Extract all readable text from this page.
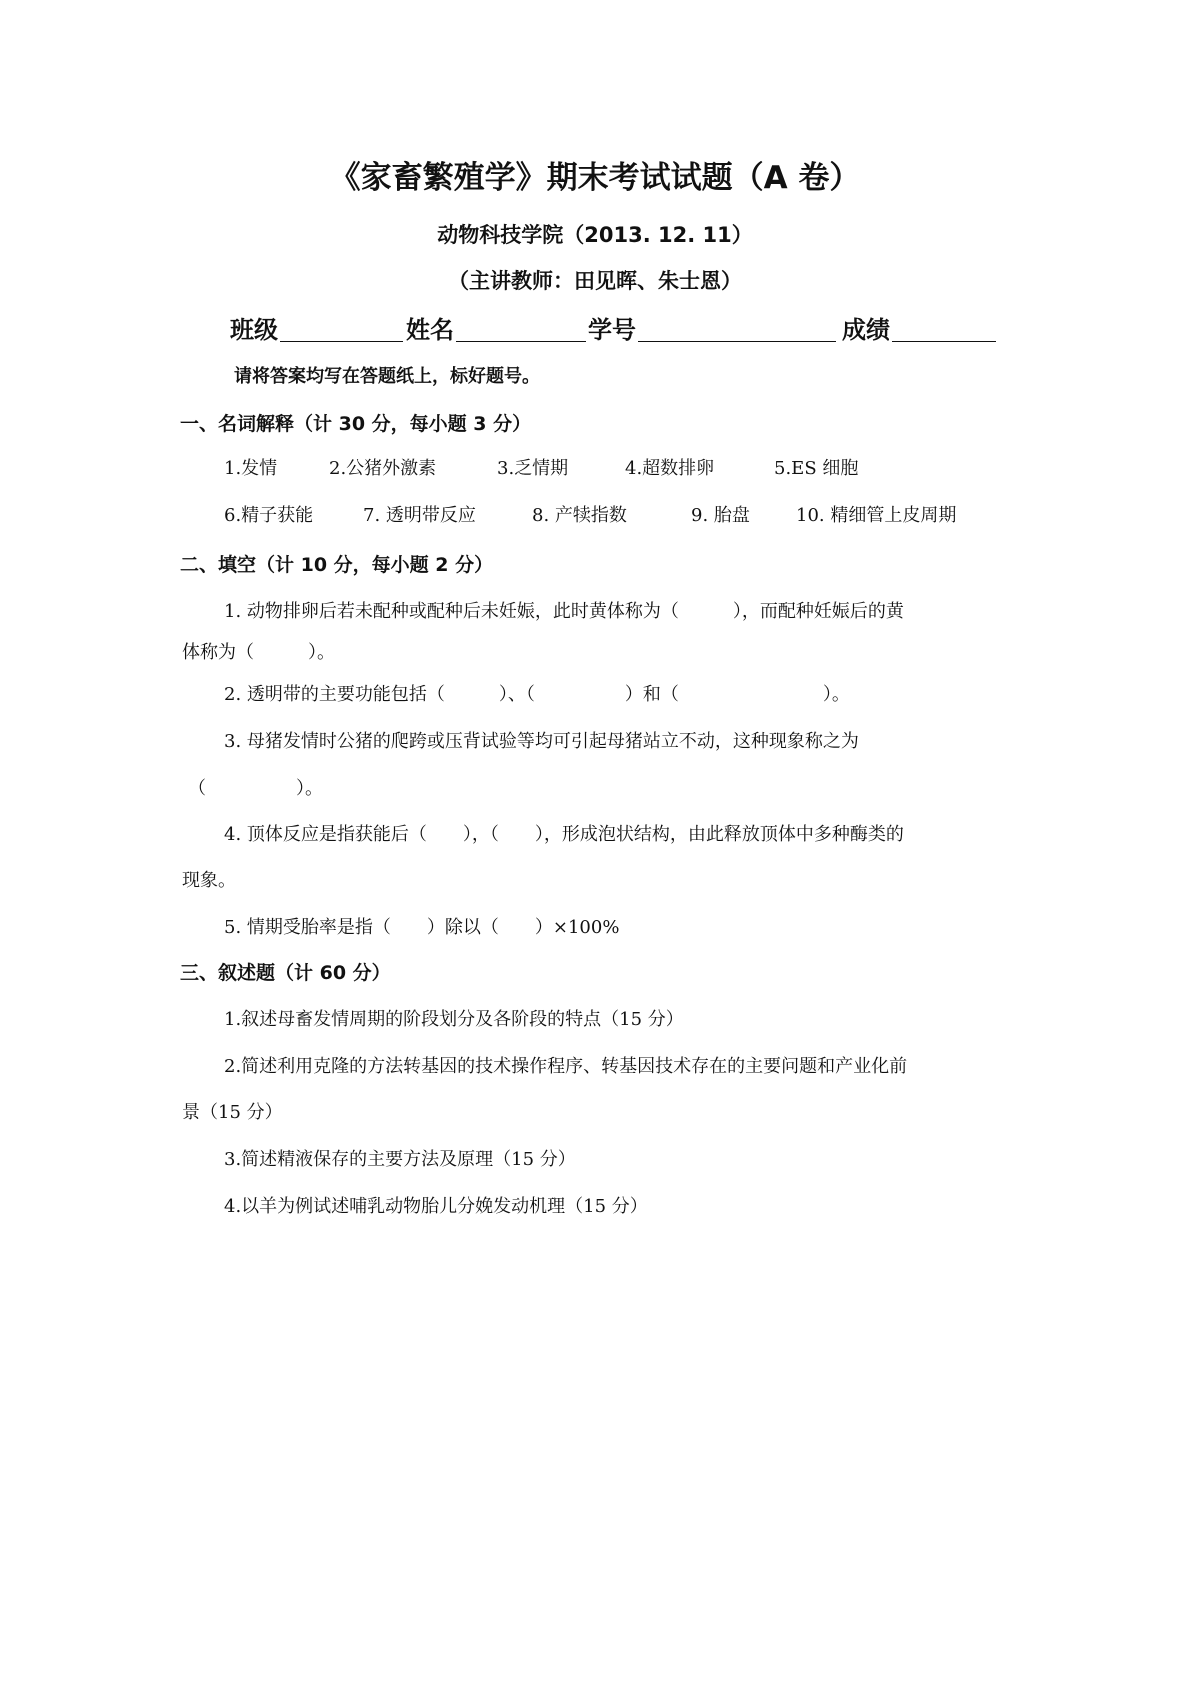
《家畜繁殖学》期末考试试题（A 卷）
动物科技学院（2013. 12. 11）
（主讲教师：田见晖、朱士恩）
班级	姓名	学号	成绩
请将答案均写在答题纸上，标好题号。
一、名词解释（计 30 分，每小题 3 分）
1.发情	2.公猪外激素	3.乏情期	4.超数排卵	5.ES 细胞
6.精子获能	7. 透明带反应	8. 产犊指数	9. 胎盘	10. 精细管上皮周期
二、填空（计 10 分，每小题 2 分）
1. 动物排卵后若未配种或配种后未妊娠，此时黄体称为（　　　），而配种妊娠后的黄
体称为（　　　）。
2. 透明带的主要功能包括（　　　）、（　　　　　）和（　　　　　　　　）。
3. 母猪发情时公猪的爬跨或压背试验等均可引起母猪站立不动，这种现象称之为
（　　　　　）。
4. 顶体反应是指获能后（　　），（　　），形成泡状结构，由此释放顶体中多种酶类的
现象。
5. 情期受胎率是指（　　）除以（　　）×100%
三、叙述题（计 60 分）
1.叙述母畜发情周期的阶段划分及各阶段的特点（15 分）
2.简述利用克隆的方法转基因的技术操作程序、转基因技术存在的主要问题和产业化前
景（15 分）
3.简述精液保存的主要方法及原理（15 分）
4.以羊为例试述哺乳动物胎儿分娩发动机理（15 分）
